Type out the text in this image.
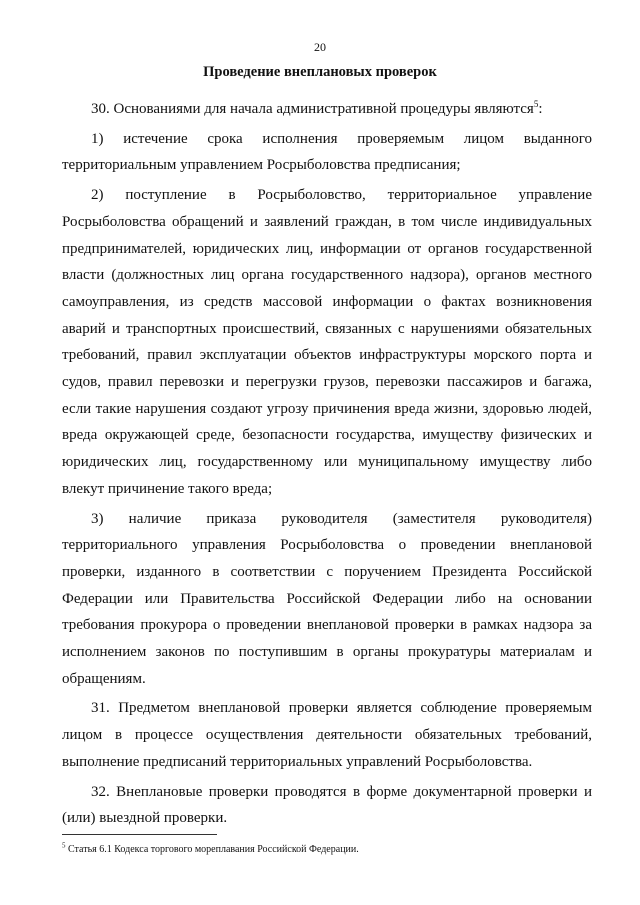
20
Проведение внеплановых проверок

30. Основаниями для начала административной процедуры являются$^5$:

1) истечение срока исполнения проверяемым лицом выданного территориальным управлением Росрыболовства предписания;

2) поступление в Росрыболовство, территориальное управление Росрыболовства обращений и заявлений граждан, в том числе индивидуальных предпринимателей, юридических лиц, информации от органов государственной власти (должностных лиц органа государственного надзора), органов местного самоуправления, из средств массовой информации о фактах возникновения аварий и транспортных происшествий, связанных с нарушениями обязательных требований, правил эксплуатации объектов инфраструктуры морского порта и судов, правил перевозки и перегрузки грузов, перевозки пассажиров и багажа, если такие нарушения создают угрозу причинения вреда жизни, здоровью людей, вреда окружающей среде, безопасности государства, имуществу физических и юридических лиц, государственному или муниципальному имуществу либо влекут причинение такого вреда;

3) наличие приказа руководителя (заместителя руководителя) территориального управления Росрыболовства о проведении внеплановой проверки, изданного в соответствии с поручением Президента Российской Федерации или Правительства Российской Федерации либо на основании требования прокурора о проведении внеплановой проверки в рамках надзора за исполнением законов по поступившим в органы прокуратуры материалам и обращениям.

31. Предметом внеплановой проверки является соблюдение проверяемым лицом в процессе осуществления деятельности обязательных требований, выполнение предписаний территориальных управлений Росрыболовства.

32. Внеплановые проверки проводятся в форме документарной проверки и (или) выездной проверки.

$^5$ Статья 6.1 Кодекса торгового мореплавания Российской Федерации.
